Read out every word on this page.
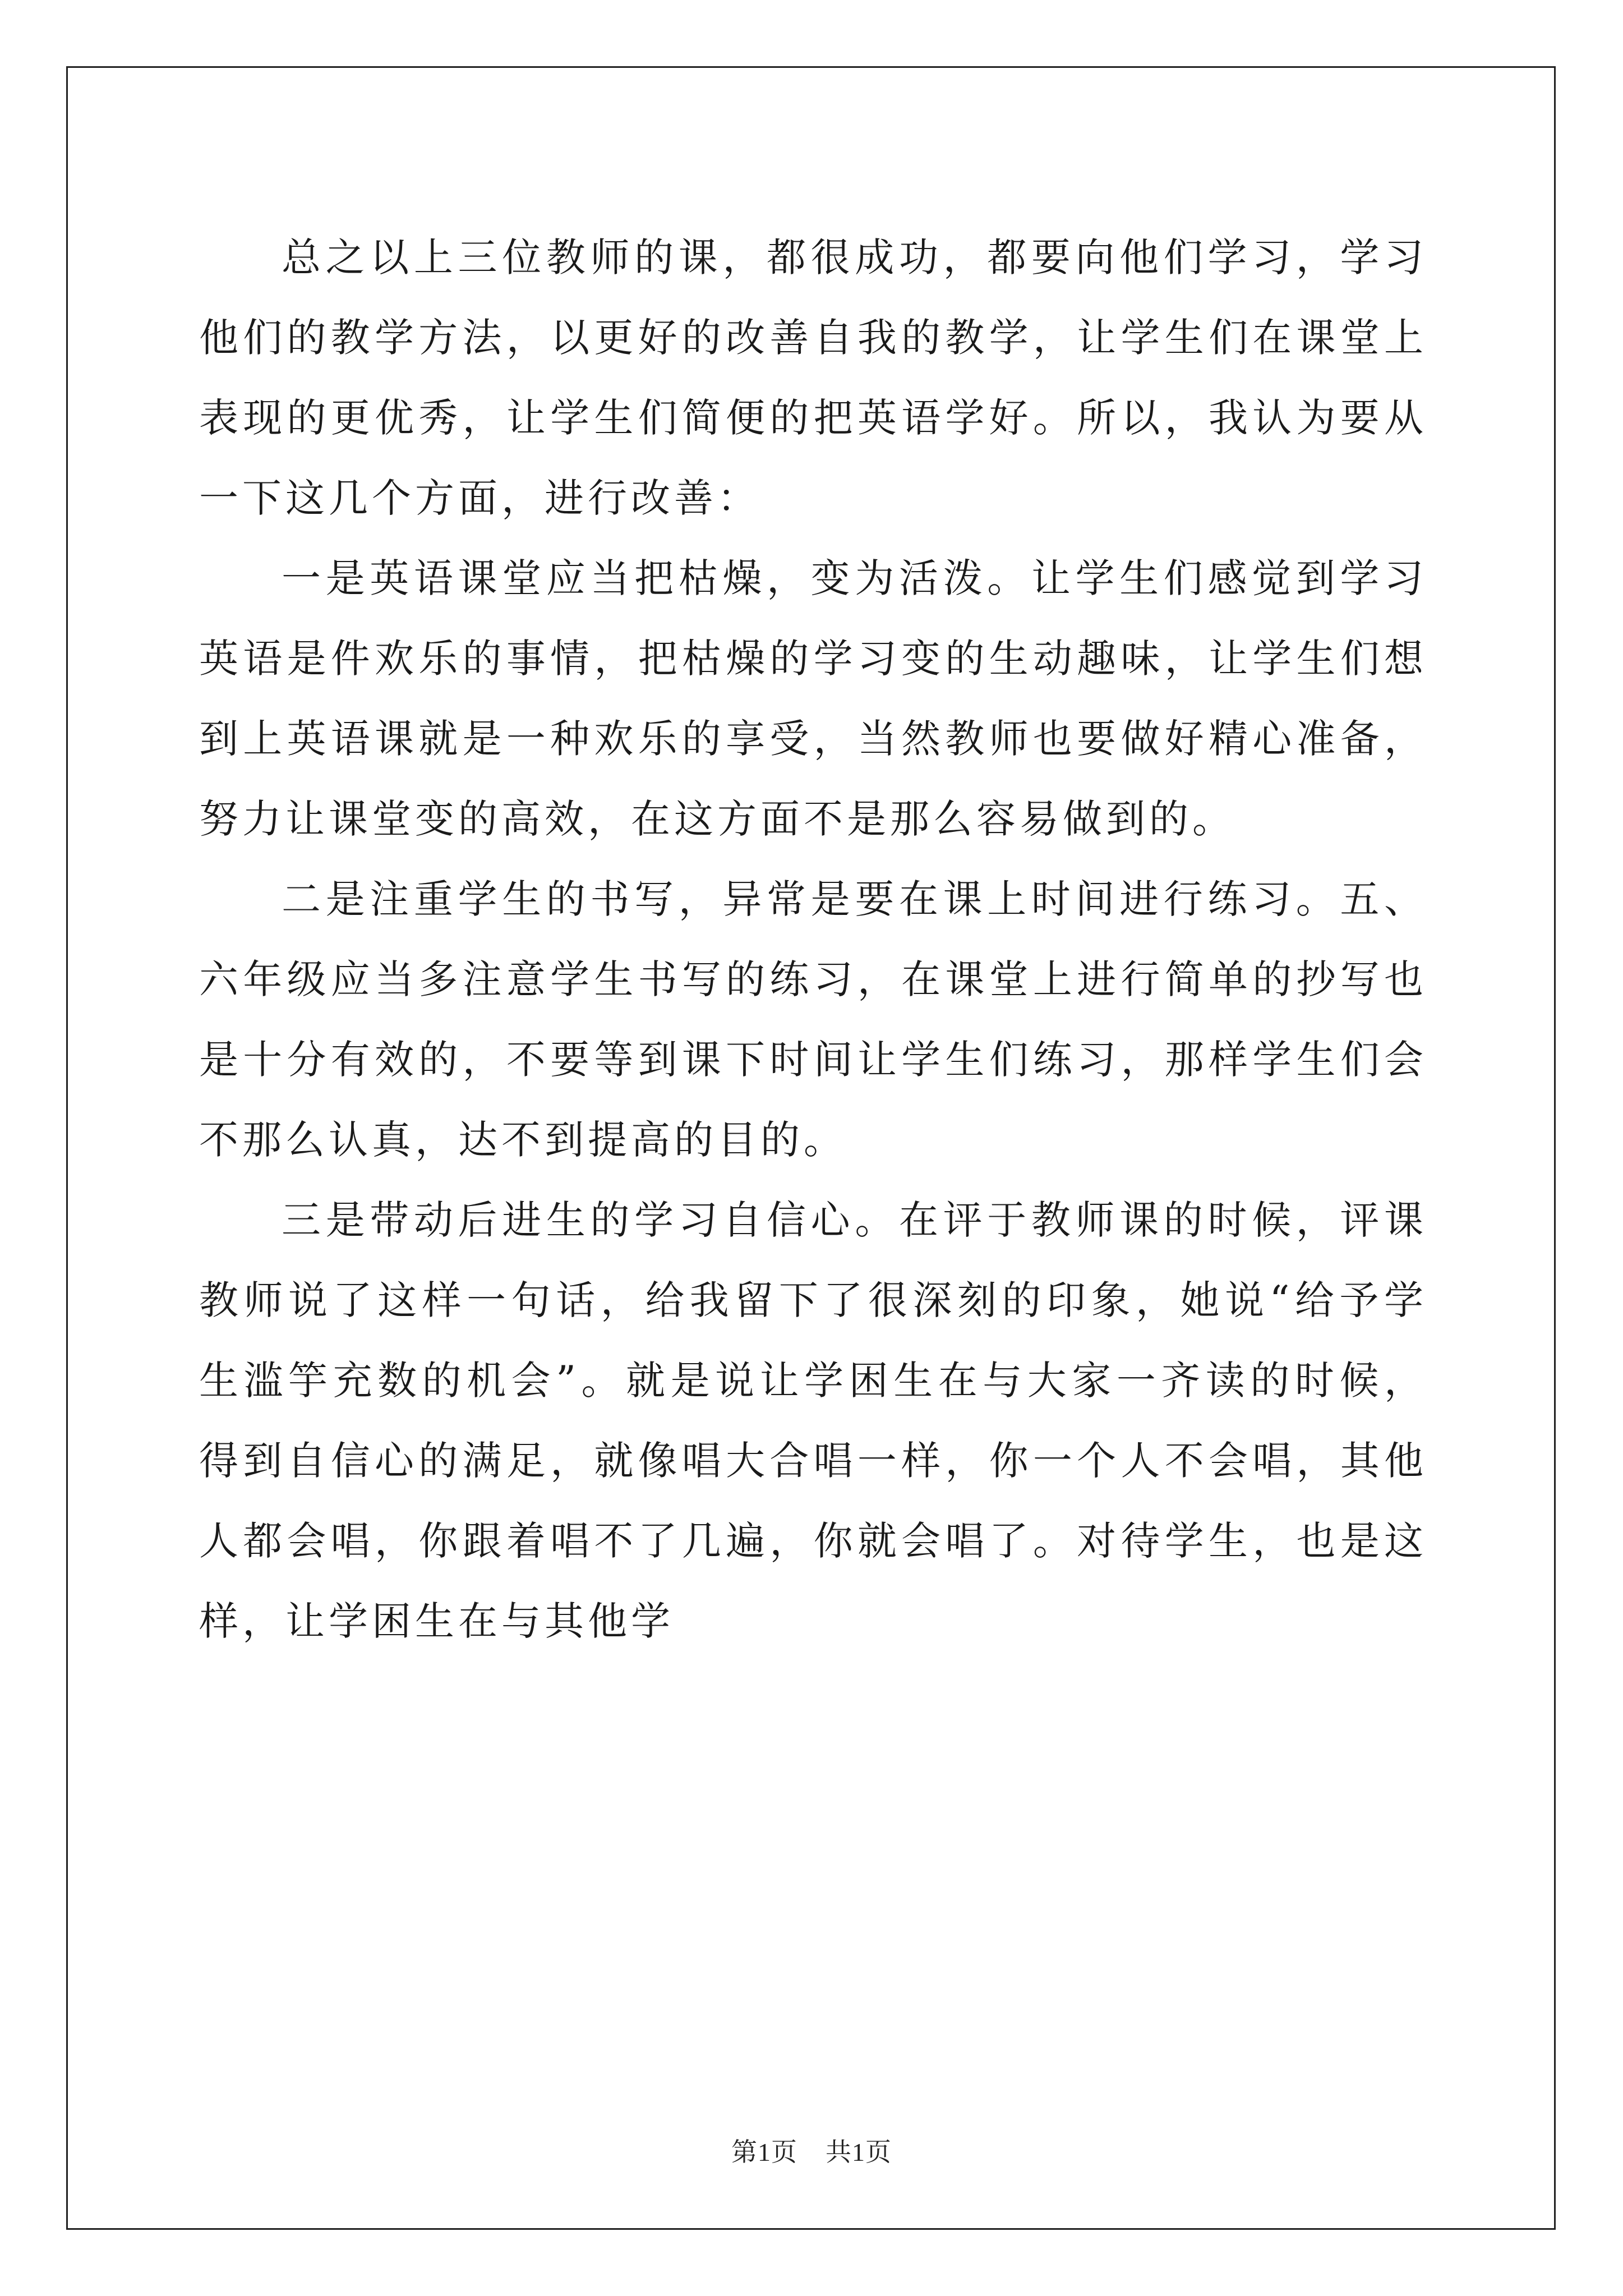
总之以上三位教师的课，都很成功，都要向他们学习，学习他们的教学方法，以更好的改善自我的教学，让学生们在课堂上表现的更优秀，让学生们简便的把英语学好。所以，我认为要从一下这几个方面，进行改善：

一是英语课堂应当把枯燥，变为活泼。让学生们感觉到学习英语是件欢乐的事情，把枯燥的学习变的生动趣味，让学生们想到上英语课就是一种欢乐的享受，当然教师也要做好精心准备，努力让课堂变的高效，在这方面不是那么容易做到的。

二是注重学生的书写，异常是要在课上时间进行练习。五、六年级应当多注意学生书写的练习，在课堂上进行简单的抄写也是十分有效的，不要等到课下时间让学生们练习，那样学生们会不那么认真，达不到提高的目的。

三是带动后进生的学习自信心。在评于教师课的时候，评课教师说了这样一句话，给我留下了很深刻的印象，她说“给予学生滥竽充数的机会”。就是说让学困生在与大家一齐读的时候，得到自信心的满足，就像唱大合唱一样，你一个人不会唱，其他人都会唱，你跟着唱不了几遍，你就会唱了。对待学生，也是这样，让学困生在与其他学

第1页 共1页
